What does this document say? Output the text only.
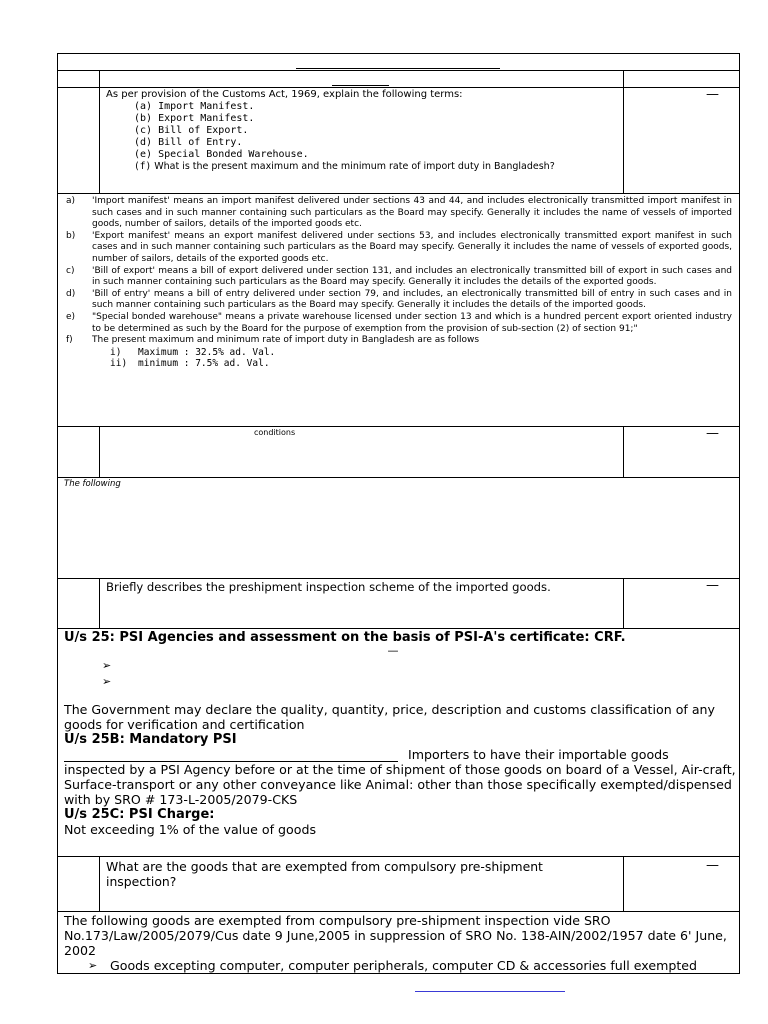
As per provision of the Customs Act, 1969, explain the following terms:
(a) Import Manifest.
(b) Export Manifest.
(c) Bill of Export.
(d) Bill of Entry.
(e) Special Bonded Warehouse.
(f) What is the present maximum and the minimum rate of import duty in Bangladesh?
—
a)	'Import manifest' means an import manifest delivered under sections 43 and 44, and includes electronically transmitted import manifest in such cases and in such manner containing such particulars as the Board may specify. Generally it includes the name of vessels of imported goods, number of sailors, details of the imported goods etc.
b)	'Export manifest' means an export manifest delivered under sections 53, and includes electronically transmitted export manifest in such cases and in such manner containing such particulars as the Board may specify. Generally it includes the name of vessels of exported goods, number of sailors, details of the exported goods etc.
c)	'Bill of export' means a bill of export delivered under section 131, and includes an electronically transmitted bill of export in such cases and in such manner containing such particulars as the Board may specify. Generally it includes the details of the exported goods.
d)	'Bill of entry' means a bill of entry delivered under section 79, and includes, an electronically transmitted bill of entry in such cases and in such manner containing such particulars as the Board may specify. Generally it includes the details of the imported goods.
e)	"Special bonded warehouse" means a private warehouse licensed under section 13 and which is a hundred percent export oriented industry to be determined as such by the Board for the purpose of exemption from the provision of sub-section (2) of section 91;"
f)	The present maximum and minimum rate of import duty in Bangladesh are as follows
i)	Maximum : 32.5% ad. Val.
ii)	minimum : 7.5% ad. Val.
conditions	—
The following
Briefly describes the preshipment inspection scheme of the imported goods.	—
U/s 25: PSI Agencies and assessment on the basis of PSI-A's certificate: CRF.
—
➢
➢
The Government may declare the quality, quantity, price, description and customs classification of any goods for verification and certification
U/s 25B: Mandatory PSI
Importers to have their importable goods
inspected by a PSI Agency before or at the time of shipment of those goods on board of a Vessel, Air-craft, Surface-transport or any other conveyance like Animal: other than those specifically exempted/dispensed with by SRO # 173-L-2005/2079-CKS
U/s 25C: PSI Charge:
Not exceeding 1% of the value of goods
What are the goods that are exempted from compulsory pre-shipment inspection?
—
The following goods are exempted from compulsory pre-shipment inspection vide SRO No.173/Law/2005/2079/Cus date 9 June,2005 in suppression of SRO No. 138-AIN/2002/1957 date 6' June, 2002
➢	Goods excepting computer, computer peripherals, computer CD & accessories full exempted
